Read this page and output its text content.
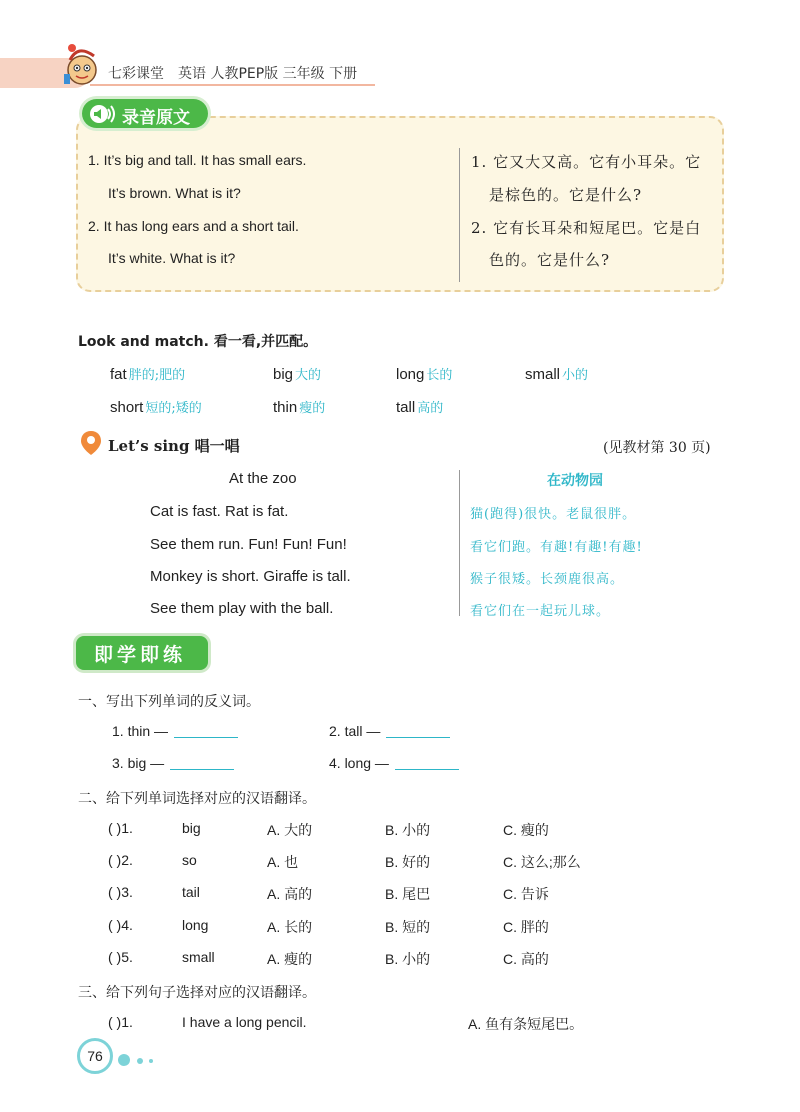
七彩课堂　英语 人教PEP版 三年级 下册
录音原文
1. It’s big and tall. It has small ears.
It’s brown. What is it?
2. It has long ears and a short tail.
It’s white. What is it?
1. 它又大又高。它有小耳朵。它
是棕色的。它是什么?
2. 它有长耳朵和短尾巴。它是白
色的。它是什么?
Look and match. 看一看,并匹配。
fat 胖的;肥的	big 大的	long 长的	small 小的
short 短的;矮的	thin 瘦的	tall 高的
Let’s sing 唱一唱	(见教材第 30 页)
At the zoo
Cat is fast. Rat is fat.
See them run. Fun! Fun! Fun!
Monkey is short. Giraffe is tall.
See them play with the ball.
在动物园
猫(跑得)很快。老鼠很胖。
看它们跑。有趣!有趣!有趣!
猴子很矮。长颈鹿很高。
看它们在一起玩儿球。
即学即练
一、写出下列单词的反义词。
1. thin —	2. tall —
3. big —	4. long —
二、给下列单词选择对应的汉语翻译。
( )1.	big	A. 大的	B. 小的	C. 瘦的
( )2.	so	A. 也	B. 好的	C. 这么;那么
( )3.	tail	A. 高的	B. 尾巴	C. 告诉
( )4.	long	A. 长的	B. 短的	C. 胖的
( )5.	small	A. 瘦的	B. 小的	C. 高的
三、给下列句子选择对应的汉语翻译。
( )1.	I have a long pencil.	A. 鱼有条短尾巴。
76
